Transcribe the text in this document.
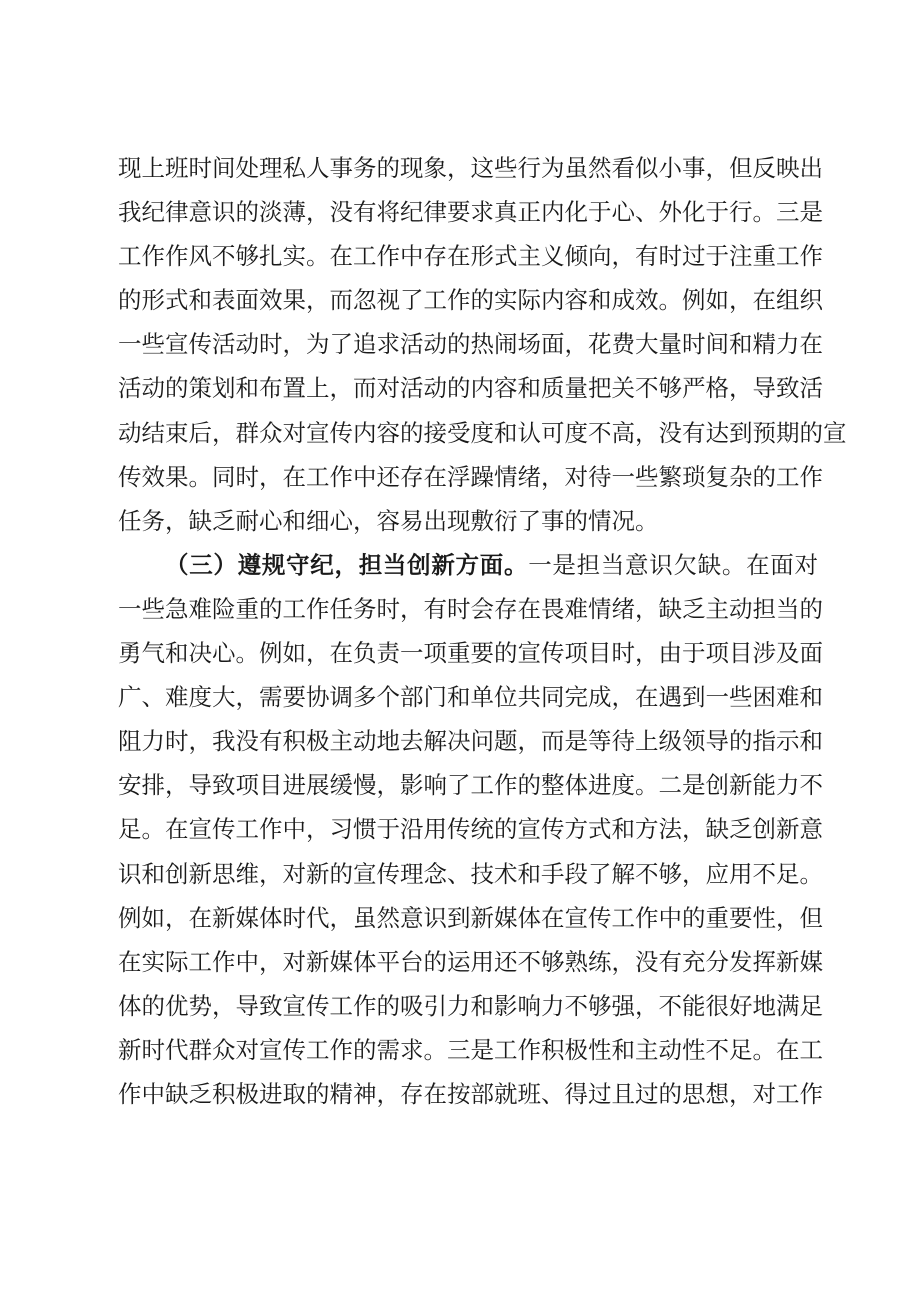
现上班时间处理私人事务的现象，这些行为虽然看似小事，但反映出
我纪律意识的淡薄，没有将纪律要求真正内化于心、外化于行。三是
工作作风不够扎实。在工作中存在形式主义倾向，有时过于注重工作
的形式和表面效果，而忽视了工作的实际内容和成效。例如，在组织
一些宣传活动时，为了追求活动的热闹场面，花费大量时间和精力在
活动的策划和布置上，而对活动的内容和质量把关不够严格，导致活
动结束后，群众对宣传内容的接受度和认可度不高，没有达到预期的宣
传效果。同时，在工作中还存在浮躁情绪，对待一些繁琐复杂的工作
任务，缺乏耐心和细心，容易出现敷衍了事的情况。
（三）遵规守纪，担当创新方面。一是担当意识欠缺。在面对
一些急难险重的工作任务时，有时会存在畏难情绪，缺乏主动担当的
勇气和决心。例如，在负责一项重要的宣传项目时，由于项目涉及面
广、难度大，需要协调多个部门和单位共同完成，在遇到一些困难和
阻力时，我没有积极主动地去解决问题，而是等待上级领导的指示和
安排，导致项目进展缓慢，影响了工作的整体进度。二是创新能力不
足。在宣传工作中，习惯于沿用传统的宣传方式和方法，缺乏创新意
识和创新思维，对新的宣传理念、技术和手段了解不够，应用不足。
例如，在新媒体时代，虽然意识到新媒体在宣传工作中的重要性，但
在实际工作中，对新媒体平台的运用还不够熟练，没有充分发挥新媒
体的优势，导致宣传工作的吸引力和影响力不够强，不能很好地满足
新时代群众对宣传工作的需求。三是工作积极性和主动性不足。在工
作中缺乏积极进取的精神，存在按部就班、得过且过的思想，对工作
